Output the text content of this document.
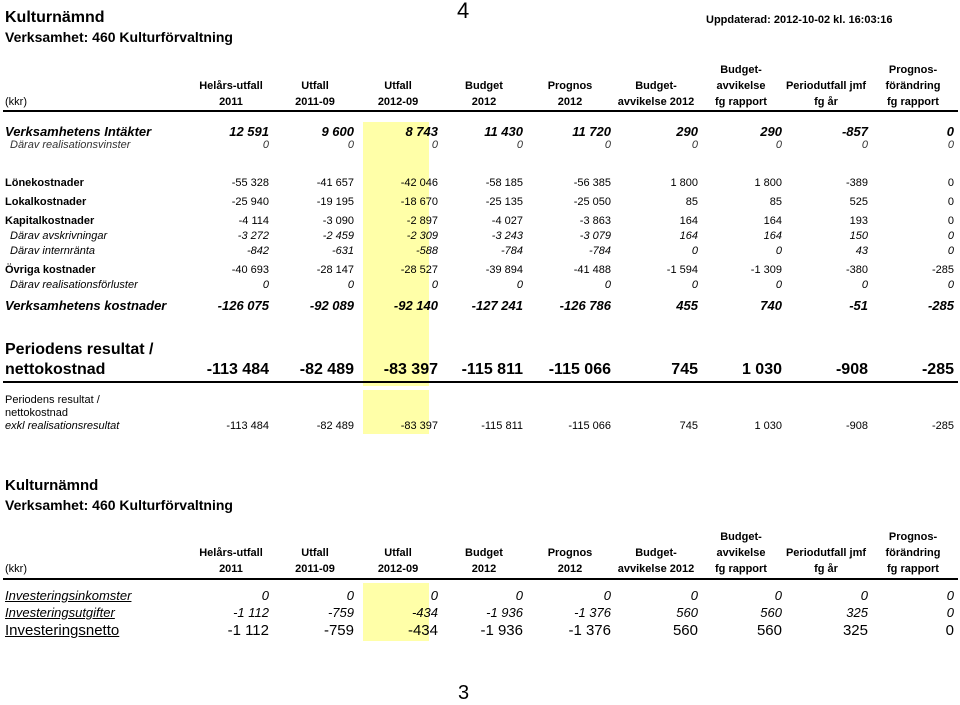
Kulturnämnd
Verksamhet: 460 Kulturförvaltning
4	Uppdaterad: 2012-10-02 kl. 16:03:16
Helårs-utfall
2011
Utfall
2011-09
Utfall
2012-09
Budget
2012
Prognos
2012
Budget-
avvikelse 2012
Budget-
avvikelse
fg rapport
Periodutfall jmf
fg år
Prognos-
förändring
fg rapport
(kkr)
Verksamhetens Intäkter	12 591	9 600	8 743	11 430	11 720	290	290	-857	0
Därav realisationsvinster	0	0	0	0	0	0	0	0	0
Lönekostnader	-55 328	-41 657	-42 046	-58 185	-56 385	1 800	1 800	-389	0
Lokalkostnader	-25 940	-19 195	-18 670	-25 135	-25 050	85	85	525	0
Kapitalkostnader	-4 114	-3 090	-2 897	-4 027	-3 863	164	164	193	0
Därav avskrivningar	-3 272	-2 459	-2 309	-3 243	-3 079	164	164	150	0
Därav internränta	-842	-631	-588	-784	-784	0	0	43	0
Övriga kostnader	-40 693	-28 147	-28 527	-39 894	-41 488	-1 594	-1 309	-380	-285
Därav realisationsförluster	0	0	0	0	0	0	0	0	0
Verksamhetens kostnader	-126 075	-92 089	-92 140	-127 241	-126 786	455	740	-51	-285
Periodens resultat /
nettokostnad	-113 484	-82 489	-83 397	-115 811	-115 066	745	1 030	-908	-285
Periodens resultat /
nettokostnad
exkl realisationsresultat	-113 484	-82 489	-83 397	-115 811	-115 066	745	1 030	-908	-285
Kulturnämnd
Verksamhet: 460 Kulturförvaltning
Helårs-utfall
2011
Utfall
2011-09
Utfall
2012-09
Budget
2012
Prognos
2012
Budget-
avvikelse 2012
Budget-
avvikelse
fg rapport
Periodutfall jmf
fg år
Prognos-
förändring
fg rapport
(kkr)
Investeringsinkomster	0	0	0	0	0	0	0	0	0
Investeringsutgifter	-1 112	-759	-434	-1 936	-1 376	560	560	325	0
Investeringsnetto	-1 112	-759	-434	-1 936	-1 376	560	560	325	0
3
